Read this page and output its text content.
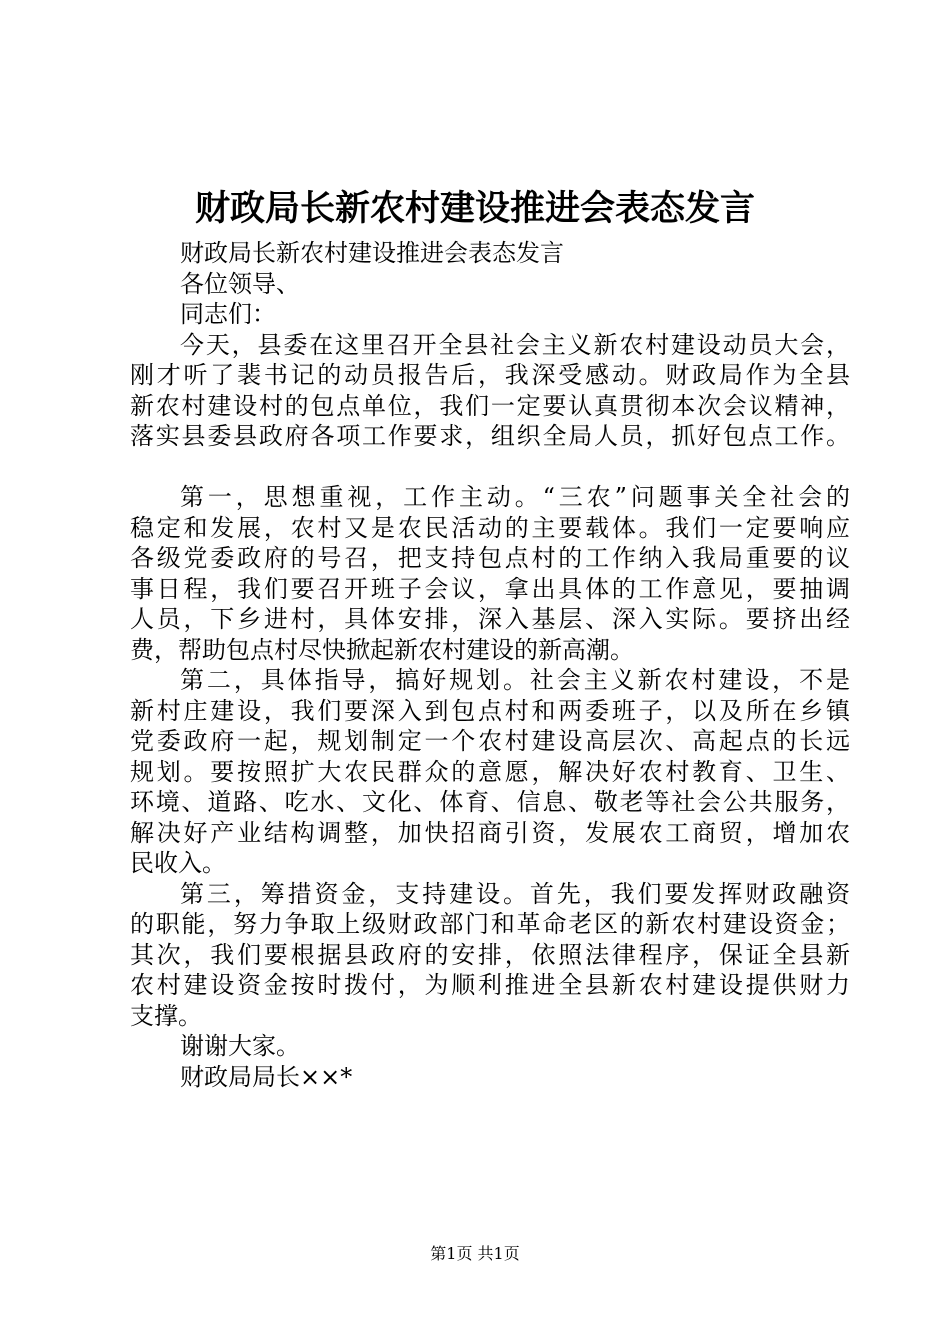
财政局长新农村建设推进会表态发言
财政局长新农村建设推进会表态发言
各位领导、
同志们：
今天，县委在这里召开全县社会主义新农村建设动员大会，
刚才听了裴书记的动员报告后，我深受感动。财政局作为全县
新农村建设村的包点单位，我们一定要认真贯彻本次会议精神，
落实县委县政府各项工作要求，组织全局人员，抓好包点工作。
第一，思想重视，工作主动。“三农”问题事关全社会的
稳定和发展，农村又是农民活动的主要载体。我们一定要响应
各级党委政府的号召，把支持包点村的工作纳入我局重要的议
事日程，我们要召开班子会议，拿出具体的工作意见，要抽调
人员，下乡进村，具体安排，深入基层、深入实际。要挤出经
费，帮助包点村尽快掀起新农村建设的新高潮。
第二，具体指导，搞好规划。社会主义新农村建设，不是
新村庄建设，我们要深入到包点村和两委班子，以及所在乡镇
党委政府一起，规划制定一个农村建设高层次、高起点的长远
规划。要按照扩大农民群众的意愿，解决好农村教育、卫生、
环境、道路、吃水、文化、体育、信息、敬老等社会公共服务，
解决好产业结构调整，加快招商引资，发展农工商贸，增加农
民收入。
第三，筹措资金，支持建设。首先，我们要发挥财政融资
的职能，努力争取上级财政部门和革命老区的新农村建设资金；
其次，我们要根据县政府的安排，依照法律程序，保证全县新
农村建设资金按时拨付，为顺利推进全县新农村建设提供财力
支撑。
谢谢大家。
财政局局长××*
第1页 共1页
